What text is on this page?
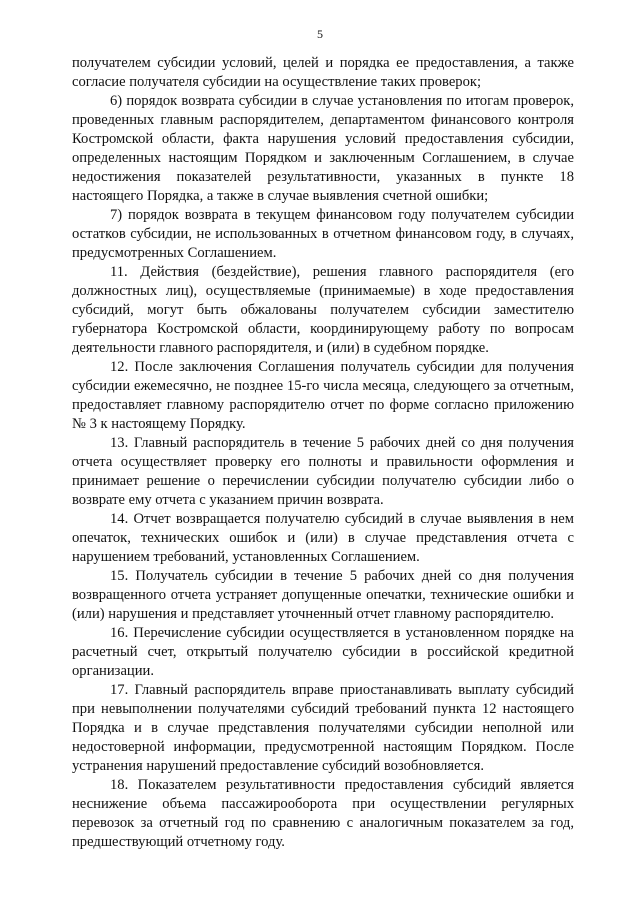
5

получателем субсидии условий, целей и порядка ее предоставления, а также согласие получателя субсидии на осуществление таких проверок;

6) порядок возврата субсидии в случае установления по итогам проверок, проведенных главным распорядителем, департаментом финансового контроля Костромской области, факта нарушения условий предоставления субсидии, определенных настоящим Порядком и заключенным Соглашением, в случае недостижения показателей результативности, указанных в пункте 18 настоящего Порядка, а также в случае выявления счетной ошибки;

7) порядок возврата в текущем финансовом году получателем субсидии остатков субсидии, не использованных в отчетном финансовом году, в случаях, предусмотренных Соглашением.

11. Действия (бездействие), решения главного распорядителя (его должностных лиц), осуществляемые (принимаемые) в ходе предоставления субсидий, могут быть обжалованы получателем субсидии заместителю губернатора Костромской области, координирующему работу по вопросам деятельности главного распорядителя, и (или) в судебном порядке.

12. После заключения Соглашения получатель субсидии для получения субсидии ежемесячно, не позднее 15-го числа месяца, следующего за отчетным, предоставляет главному распорядителю отчет по форме согласно приложению № 3 к настоящему Порядку.

13. Главный распорядитель в течение 5 рабочих дней со дня получения отчета осуществляет проверку его полноты и правильности оформления и принимает решение о перечислении субсидии получателю субсидии либо о возврате ему отчета с указанием причин возврата.

14. Отчет возвращается получателю субсидий в случае выявления в нем опечаток, технических ошибок и (или) в случае представления отчета с нарушением требований, установленных Соглашением.

15. Получатель субсидии в течение 5 рабочих дней со дня получения возвращенного отчета устраняет допущенные опечатки, технические ошибки и (или) нарушения и представляет уточненный отчет главному распорядителю.

16. Перечисление субсидии осуществляется в установленном порядке на расчетный счет, открытый получателю субсидии в российской кредитной организации.

17. Главный распорядитель вправе приостанавливать выплату субсидий при невыполнении получателями субсидий требований пункта 12 настоящего Порядка и в случае представления получателями субсидии неполной или недостоверной информации, предусмотренной настоящим Порядком. После устранения нарушений предоставление субсидий возобновляется.

18. Показателем результативности предоставления субсидий является неснижение объема пассажирооборота при осуществлении регулярных перевозок за отчетный год по сравнению с аналогичным показателем за год, предшествующий отчетному году.
